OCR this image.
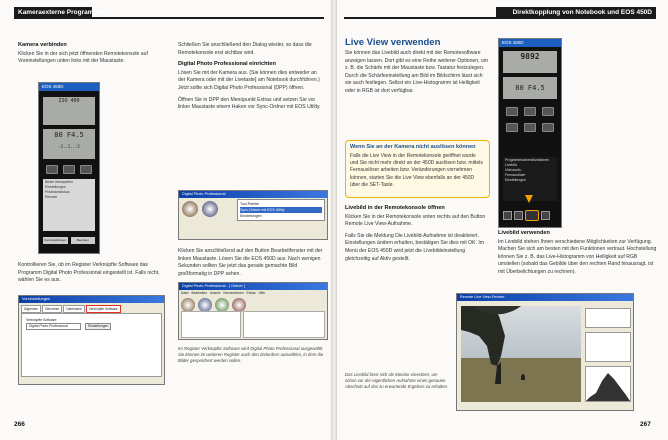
Kameraexterne Programme
Kamera verbinden

Klicken Sie in der sich jetzt öffnenden Remotekonsole auf Voreinstellungen unten links mit der Maustaste.

EOS 450D
ISO 400
80 F4.5
-2..1..:2
Bilder überspielen
Einstellungen
Präzisionsfokus
Remote
Voreinstellungen	Beenden

Kontrollieren Sie, ob im Register Verknüpfte Software das Programm Digital Photo Professional eingestellt ist. Falls nicht, wählen Sie es aus.

Voreinstellungen
Allgemein	Zielordner	Dateiname	Verknüpfte Software
Verknüpfte Software
Digital Photo Professional	Einstellungen

Schließen Sie anschließend den Dialog wieder, so dass die Remotekonsole erst sichtbar wird.

Digital Photo Professional einrichten

Lösen Sie mit der Kamera aus. (Sie können dies entweder an der Kamera oder mit der Livetaste] am Notebook durchführen.) Jetzt sollte sich Digital Photo Professional (DPP) öffnen.

Öffnen Sie in DPP den Menüpunkt Extras und setzen Sie vor linker Maustaste einem Haken vor Sync-Ordner mit EOS Utility.

Digital Photo Professional
Tool-Palette
Sync-Ordner mit EOS Utility
Einstellungen

Klicken Sie anschließend auf den Button Bearbeitfenster mit der linken Maustaste. Lösen Sie die EOS 450D aus. Nach wenigen Sekunden sollten Sie jetzt das gerade gemachte Bild großformatig in DPP sehen.

Digital Photo Professional - [ Ordner ]
Datei Bearbeiten Ansicht Kennzeichnen Extras Hilfe
Im Register Verknüpfte Software wird Digital Photo Professional ausgewählt. Sie können im weiteren Register auch den Zielordner auswählen, in dem die Bilder gespeichert werden sollen.
266
Direktkopplung von Notebook und EOS 450D
Live View verwenden

Sie können das Livebild auch direkt mit der Remotesoftware anzeigen lassen. Dort gibt es eine Reihe weiterer Optionen, um z. B. die Schärfe mit der Maustaste bzw. Tastatur festzulegen. Durch die Schärfeeinstellung am Bild im Bildschirm lässt sich sie auch festlegen. Selbst ein Live-Histogramm ist Helligkeit oder in RGB ist dort verfügbar.

Wenn Sie an der Kamera nicht auslösen können
Falls die Live View in der Remotekonsole geöffnet wurde und Sie nicht mehr direkt an der 450D auslösen bzw. mittels Fernauslöser arbeiten bzw. Veränderungen vornehmen können, starten Sie die Live View ebenfalls an der 450D über die SET-Taste.
Livebild in der Remotekonsole öffnen

Klicken Sie in der Remotekonsole unten rechts auf den Button Remote Live View-Aufnahme.

Falls Sie die Meldung Die Livebild-Aufnahme ist deaktiviert. Einstellungen ändern erhalten, bestätigen Sie dies mit OK. Im Menü der EOS 450D wird jetzt die Livebildeinstellung gleichzeitig auf Aktiv gestellt.

EOS 450D
9892
80 F4.5
Programmkamerafunktionen
Livebild
Videoaufn.
Fernauslöser
Einstellungen
Livebild verwenden

Im Livebild stehen Ihnen verschiedene Möglichkeiten zur Verfügung. Machen Sie sich am besten mit den Funktionen vertraut. Hochstellung können Sie z. B. das Live-Histogramm von Helligkeit auf RGB umstellen (sobald das Gebilde über den rechten Rand hinausragt, ist mit Überbelichtungen zu rechnen).

Remote Live View-Fenster
Das Livebild lässt sich als Monitor einsetzen, um schon vor der eigentlichen Aufnahme einen genauen Abschnitt auf das zu erwartende Ergebnis zu erhalten.
267
